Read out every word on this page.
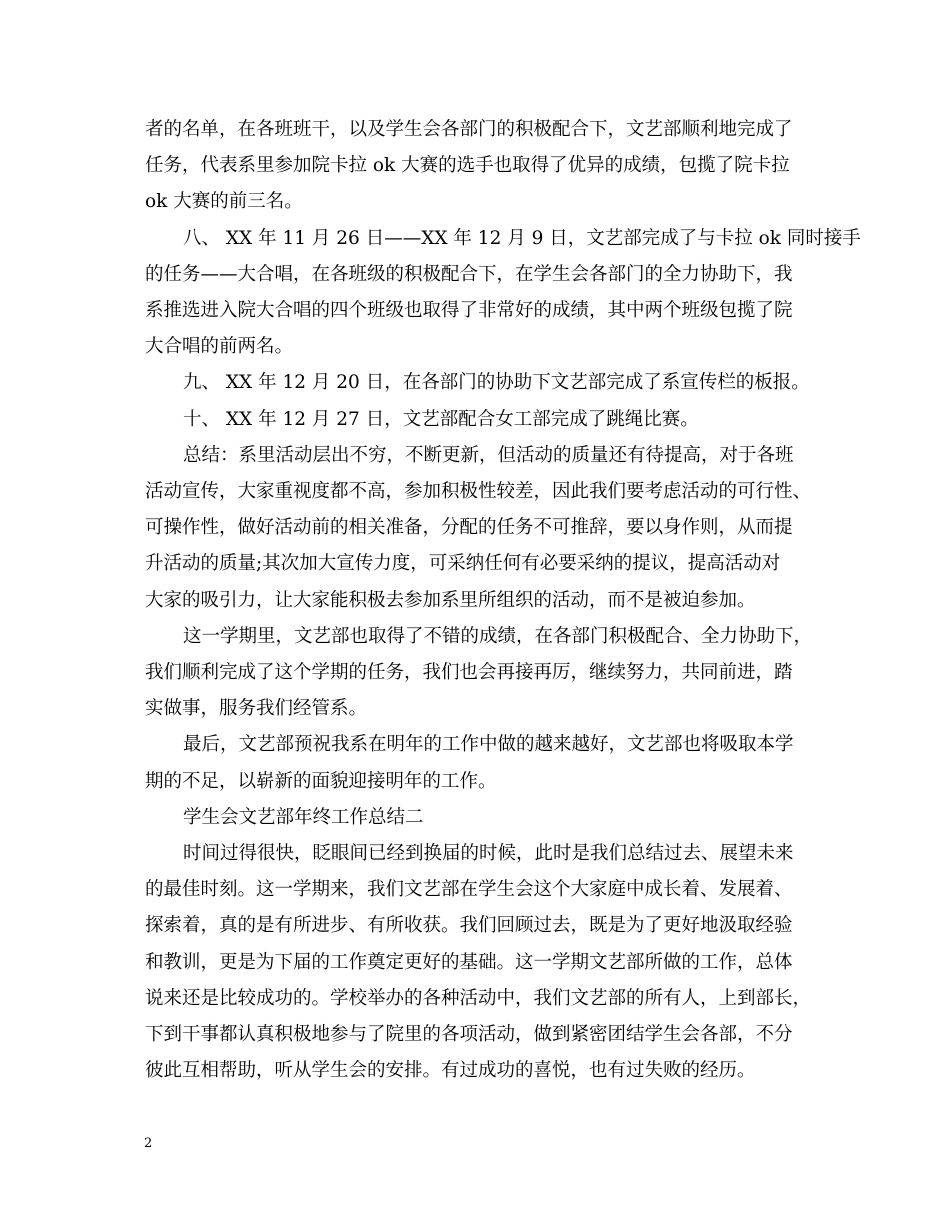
者的名单，在各班班干，以及学生会各部门的积极配合下，文艺部顺利地完成了
任务，代表系里参加院卡拉 ok 大赛的选手也取得了优异的成绩，包揽了院卡拉
ok 大赛的前三名。
八、 XX 年 11 月 26 日——XX 年 12 月 9 日，文艺部完成了与卡拉 ok 同时接手
的任务——大合唱，在各班级的积极配合下，在学生会各部门的全力协助下，我
系推选进入院大合唱的四个班级也取得了非常好的成绩，其中两个班级包揽了院
大合唱的前两名。
九、 XX 年 12 月 20 日，在各部门的协助下文艺部完成了系宣传栏的板报。
十、 XX 年 12 月 27 日，文艺部配合女工部完成了跳绳比赛。
总结：系里活动层出不穷，不断更新，但活动的质量还有待提高，对于各班
活动宣传，大家重视度都不高，参加积极性较差，因此我们要考虑活动的可行性、
可操作性，做好活动前的相关准备，分配的任务不可推辞，要以身作则，从而提
升活动的质量;其次加大宣传力度，可采纳任何有必要采纳的提议，提高活动对
大家的吸引力，让大家能积极去参加系里所组织的活动，而不是被迫参加。
这一学期里，文艺部也取得了不错的成绩，在各部门积极配合、全力协助下，
我们顺利完成了这个学期的任务，我们也会再接再厉，继续努力，共同前进，踏
实做事，服务我们经管系。
最后，文艺部预祝我系在明年的工作中做的越来越好，文艺部也将吸取本学
期的不足，以崭新的面貌迎接明年的工作。
学生会文艺部年终工作总结二
时间过得很快，眨眼间已经到换届的时候，此时是我们总结过去、展望未来
的最佳时刻。这一学期来，我们文艺部在学生会这个大家庭中成长着、发展着、
探索着，真的是有所进步、有所收获。我们回顾过去，既是为了更好地汲取经验
和教训，更是为下届的工作奠定更好的基础。这一学期文艺部所做的工作，总体
说来还是比较成功的。学校举办的各种活动中，我们文艺部的所有人，上到部长，
下到干事都认真积极地参与了院里的各项活动，做到紧密团结学生会各部，不分
彼此互相帮助，听从学生会的安排。有过成功的喜悦，也有过失败的经历。
2
